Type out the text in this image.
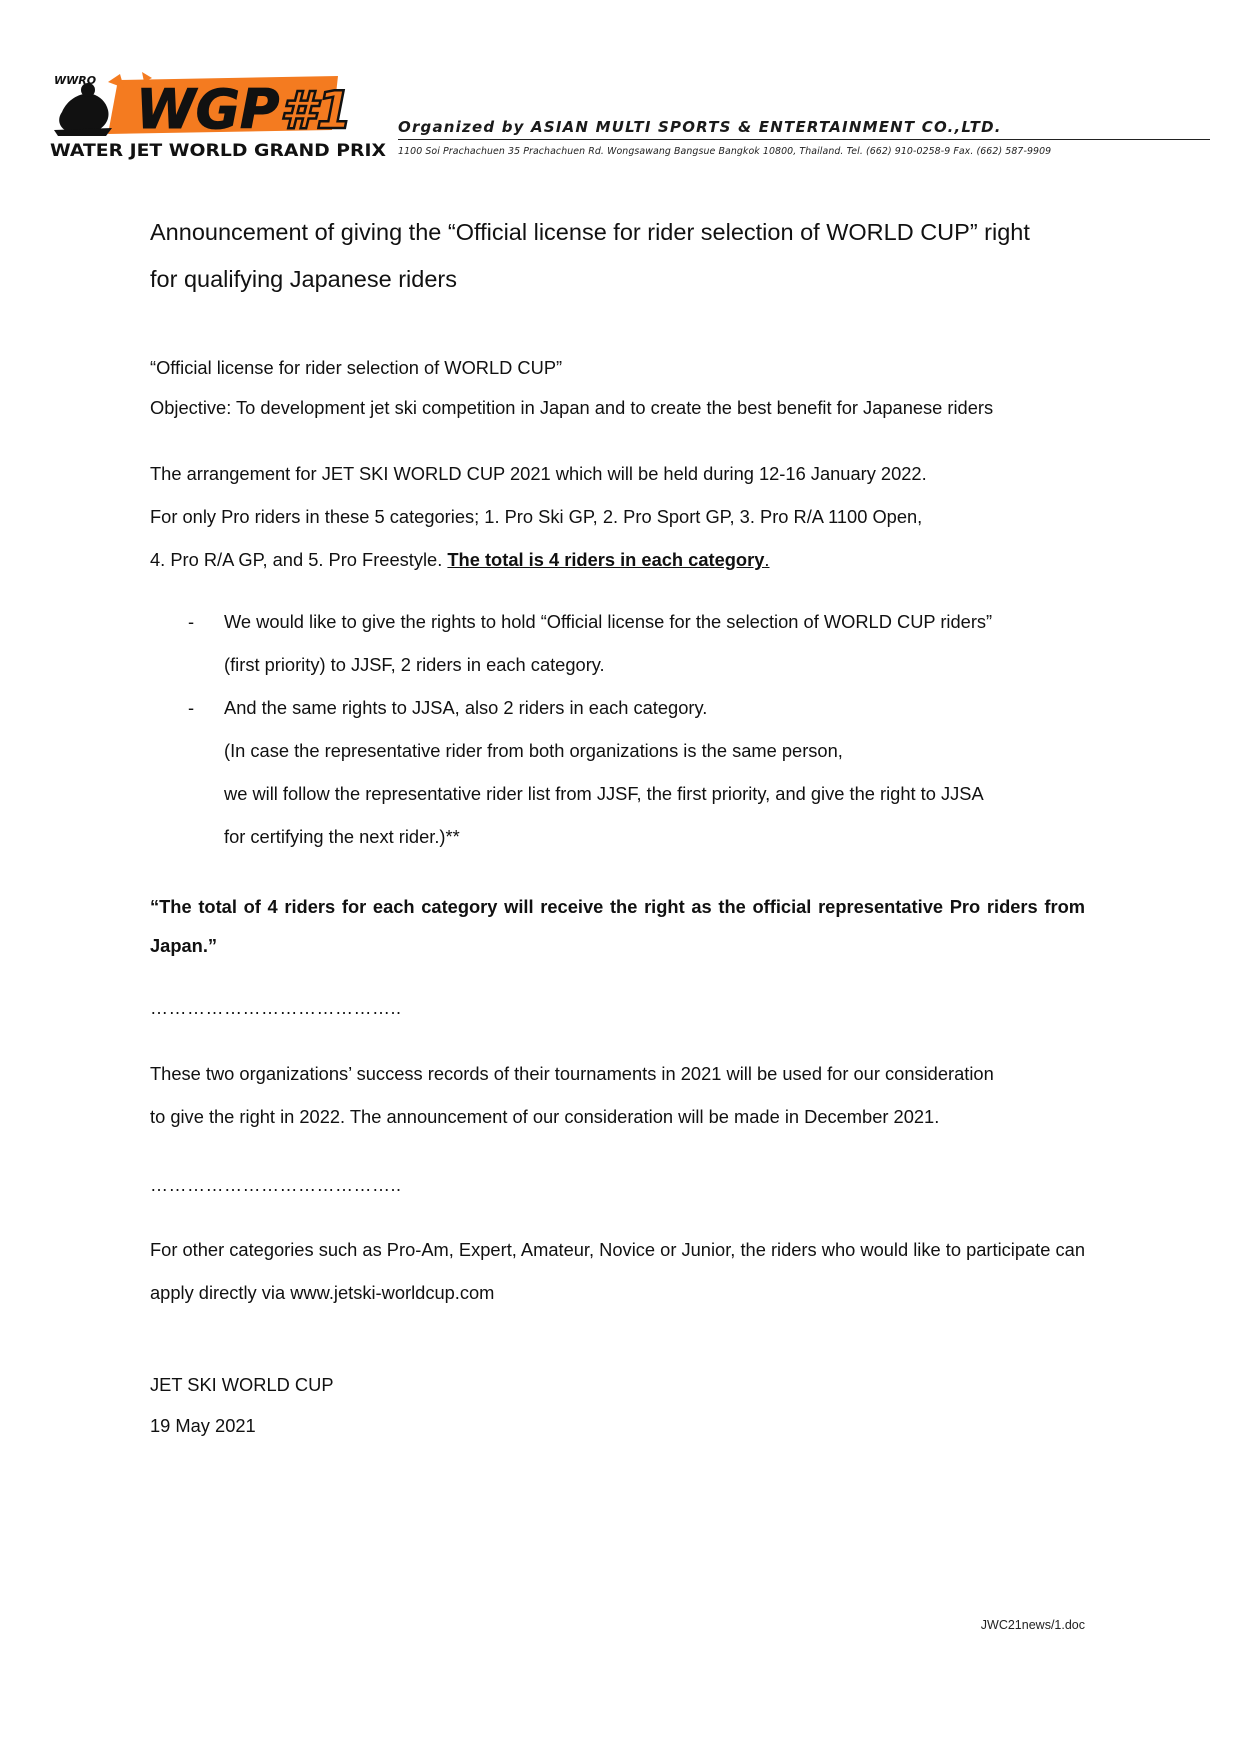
WGP #1
WWRO
WATER JET WORLD GRAND PRIX
Organized by ASIAN MULTI SPORTS & ENTERTAINMENT CO.,LTD.
1100 Soi Prachachuen 35 Prachachuen Rd. Wongsawang Bangsue Bangkok 10800, Thailand. Tel. (662) 910-0258-9 Fax. (662) 587-9909
Announcement of giving the “Official license for rider selection of WORLD CUP” right
for qualifying Japanese riders

“Official license for rider selection of WORLD CUP”

Objective: To development jet ski competition in Japan and to create the best benefit for Japanese riders

The arrangement for JET SKI WORLD CUP 2021 which will be held during 12-16 January 2022.
For only Pro riders in these 5 categories; 1. Pro Ski GP, 2. Pro Sport GP, 3. Pro R/A 1100 Open,
4. Pro R/A GP, and 5. Pro Freestyle. The total is 4 riders in each category.

- We would like to give the rights to hold “Official license for the selection of WORLD CUP riders”
(first priority) to JJSF, 2 riders in each category.
- And the same rights to JJSA, also 2 riders in each category.
(In case the representative rider from both organizations is the same person,
we will follow the representative rider list from JJSF, the first priority, and give the right to JJSA
for certifying the next rider.)**

“The total of 4 riders for each category will receive the right as the official representative Pro riders from Japan.”

…………………………………..

These two organizations’ success records of their tournaments in 2021 will be used for our consideration
to give the right in 2022. The announcement of our consideration will be made in December 2021.

…………………………………..

For other categories such as Pro-Am, Expert, Amateur, Novice or Junior, the riders who would like to participate can apply directly via www.jetski-worldcup.com

JET SKI WORLD CUP
19 May 2021
JWC21news/1.doc
